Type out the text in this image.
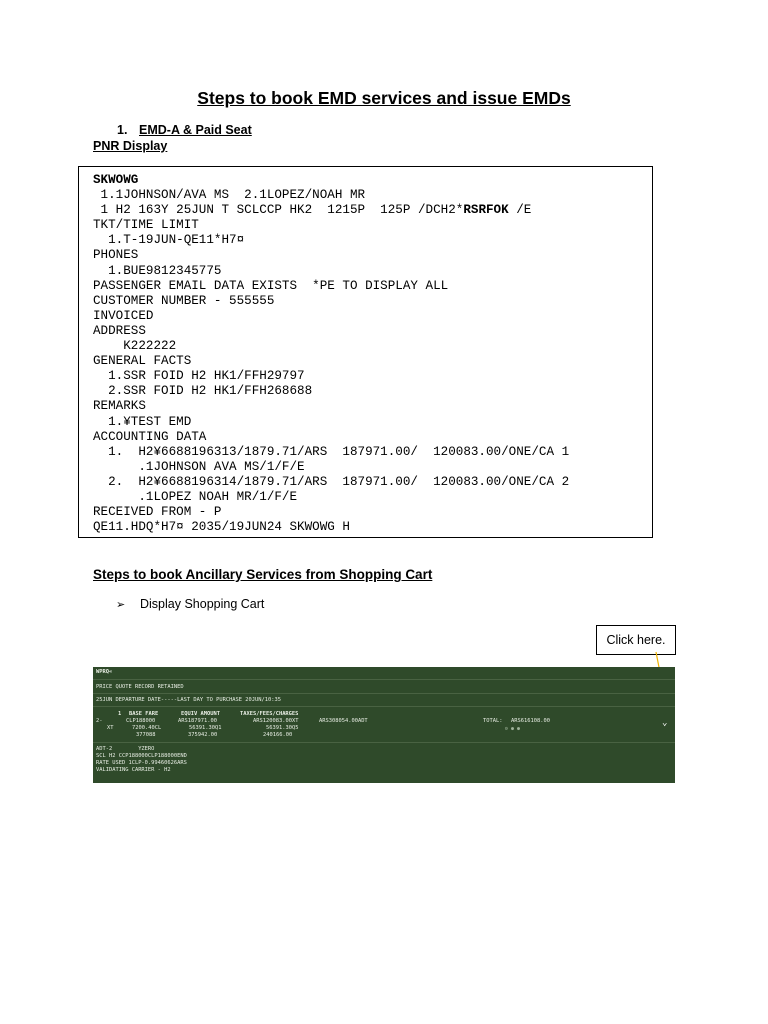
Steps to book EMD services and issue EMDs
1. EMD-A & Paid Seat
PNR Display
SKWOWG
1.1JOHNSON/AVA MS  2.1LOPEZ/NOAH MR
1 H2 163Y 25JUN T SCLCCP HK2  1215P  125P /DCH2*RSRFOK /E
TKT/TIME LIMIT
1.T-19JUN-QE11*H7¤
PHONES
1.BUE9812345775
PASSENGER EMAIL DATA EXISTS  *PE TO DISPLAY ALL
CUSTOMER NUMBER - 555555
INVOICED
ADDRESS
K222222
GENERAL FACTS
1.SSR FOID H2 HK1/FFH29797
2.SSR FOID H2 HK1/FFH268688
REMARKS
1.¥TEST EMD
ACCOUNTING DATA
1.  H2¥6688196313/1879.71/ARS  187971.00/  120083.00/ONE/CA 1
.1JOHNSON AVA MS/1/F/E
2.  H2¥6688196314/1879.71/ARS  187971.00/  120083.00/ONE/CA 2
.1LOPEZ NOAH MR/1/F/E
RECEIVED FROM - P
QE11.HDQ*H7¤ 2035/19JUN24 SKWOWG H
Steps to book Ancillary Services from Shopping Cart
➢ Display Shopping Cart
Click here.
WPRQ«
PRICE QUOTE RECORD RETAINED
25JUN DEPARTURE DATE-----LAST DAY TO PURCHASE 20JUN/10:35
1 BASE FARE	EQUIV AMOUNT	TAXES/FEES/CHARGES
2-	CLP188000	ARS187971.00	ARS120083.00XT	ARS308054.00ADT	TOTAL: ARS616108.00
XT	7200.40CL	56391.30Q1	56391.30Q5	⚙ ● ●
377088	375942.00	240166.00
ADT-2        YZERO
SCL H2 CCP188000CLP188000END
RATE USED 1CLP-0.99460626ARS
VALIDATING CARRIER - H2
⌄
